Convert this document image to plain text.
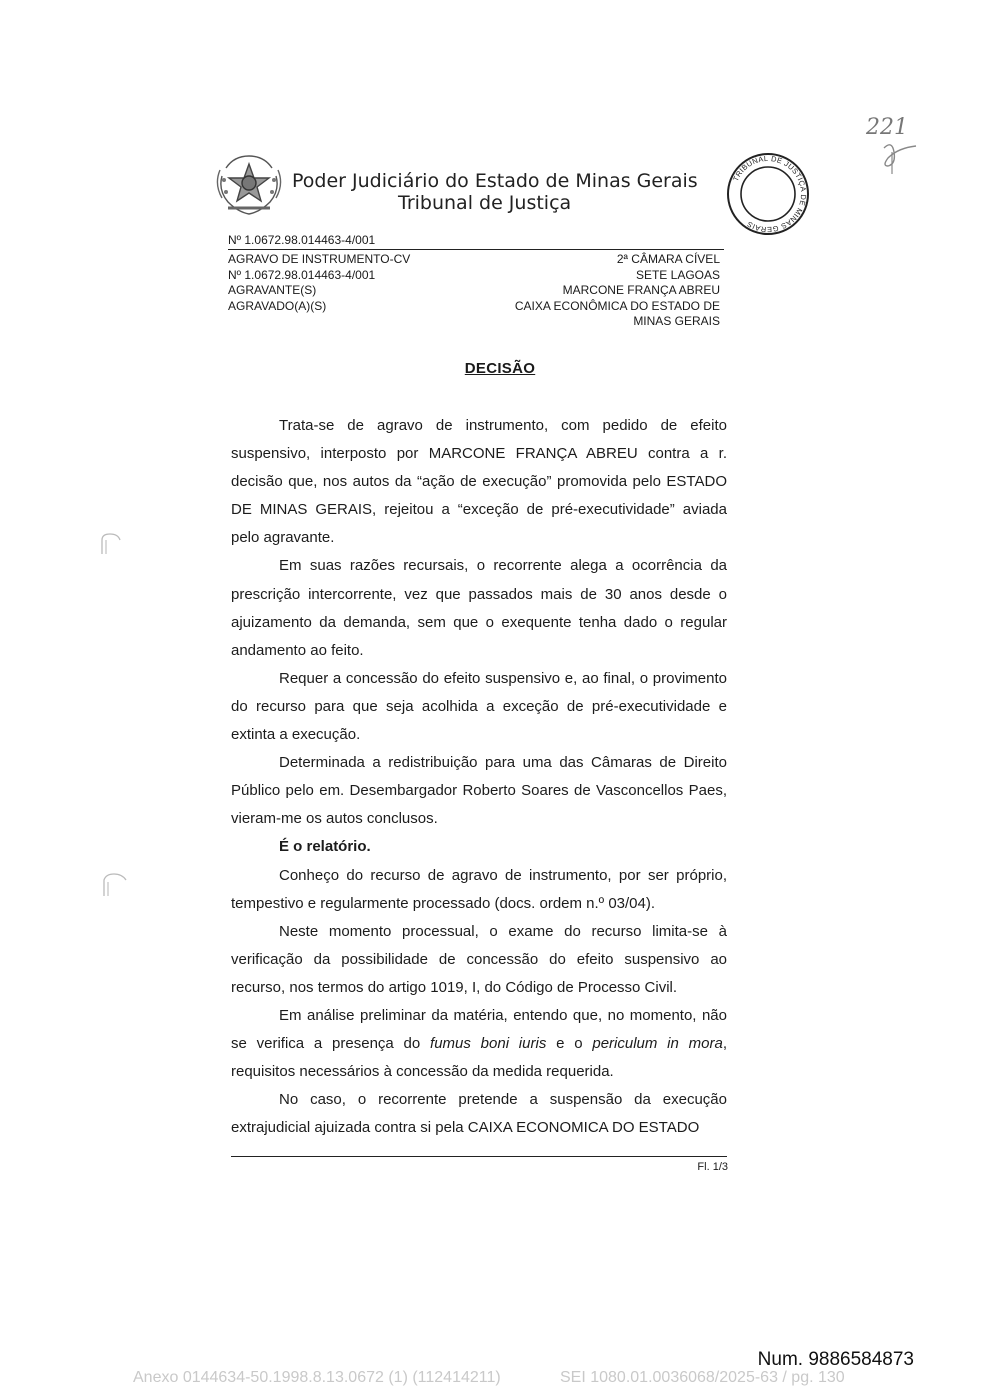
Poder Judiciário do Estado de Minas Gerais
Tribunal de Justiça
TRIBUNAL DE JUSTIÇA DE MINAS GERAIS
221
Nº 1.0672.98.014463-4/001
AGRAVO DE INSTRUMENTO-CV
Nº 1.0672.98.014463-4/001
AGRAVANTE(S)
AGRAVADO(A)(S)
2ª CÂMARA CÍVEL
SETE LAGOAS
MARCONE FRANÇA ABREU
CAIXA ECONÔMICA DO ESTADO DE
MINAS GERAIS
DECISÃO

Trata-se de agravo de instrumento, com pedido de efeito suspensivo, interposto por MARCONE FRANÇA ABREU contra a r. decisão que, nos autos da “ação de execução” promovida pelo ESTADO DE MINAS GERAIS, rejeitou a “exceção de pré-executividade” aviada pelo agravante.

Em suas razões recursais, o recorrente alega a ocorrência da prescrição intercorrente, vez que passados mais de 30 anos desde o ajuizamento da demanda, sem que o exequente tenha dado o regular andamento ao feito.

Requer a concessão do efeito suspensivo e, ao final, o provimento do recurso para que seja acolhida a exceção de pré-executividade e extinta a execução.

Determinada a redistribuição para uma das Câmaras de Direito Público pelo em. Desembargador Roberto Soares de Vasconcellos Paes, vieram-me os autos conclusos.

É o relatório.

Conheço do recurso de agravo de instrumento, por ser próprio, tempestivo e regularmente processado (docs. ordem n.º 03/04).

Neste momento processual, o exame do recurso limita-se à verificação da possibilidade de concessão do efeito suspensivo ao recurso, nos termos do artigo 1019, I, do Código de Processo Civil.

Em análise preliminar da matéria, entendo que, no momento, não se verifica a presença do fumus boni iuris e o periculum in mora, requisitos necessários à concessão da medida requerida.

No caso, o recorrente pretende a suspensão da execução extrajudicial ajuizada contra si pela CAIXA ECONOMICA DO ESTADO

Fl. 1/3
Num. 9886584873
Anexo 0144634-50.1998.8.13.0672 (1) (112414211)	SEI 1080.01.0036068/2025-63 / pg. 130
